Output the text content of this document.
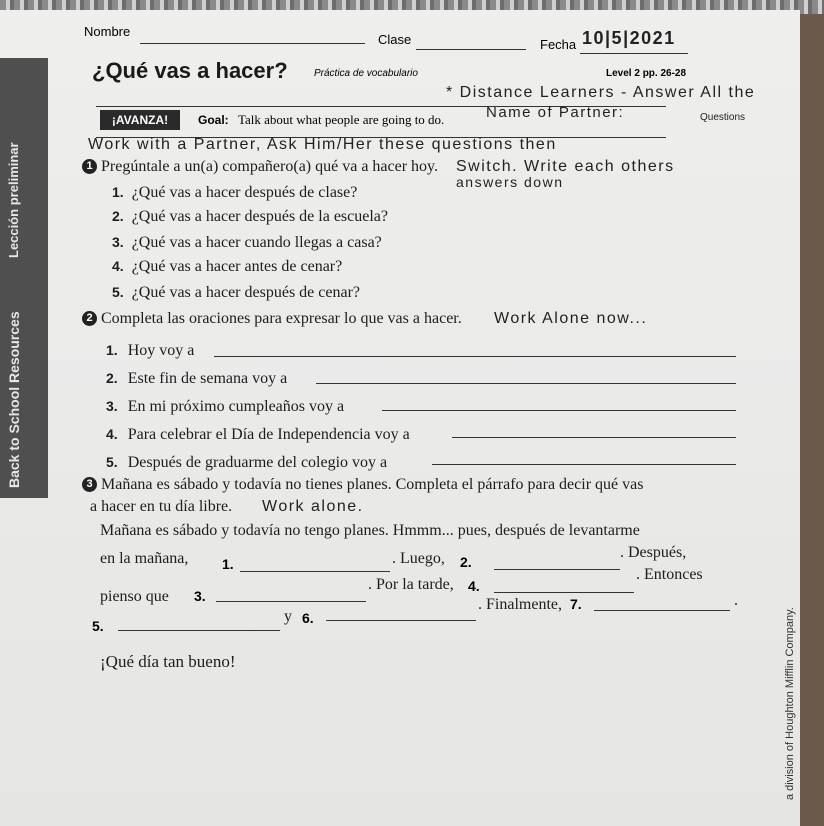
Lección preliminar
Back to School Resources
Nombre
Clase	Fecha 10|5|2021
¿Qué vas a hacer?	Práctica de vocabulario	Level 2 pp. 26-28
* Distance Learners - Answer All the
¡AVANZA!	Goal: Talk about what people are going to do.	Name of Partner:	Questions
Work with a Partner, Ask Him/Her these questions then
1 Pregúntale a un(a) compañero(a) qué va a hacer hoy. Switch. Write each others
answers down
1. ¿Qué vas a hacer después de clase?
2. ¿Qué vas a hacer después de la escuela?
3. ¿Qué vas a hacer cuando llegas a casa?
4. ¿Qué vas a hacer antes de cenar?
5. ¿Qué vas a hacer después de cenar?
2 Completa las oraciones para expresar lo que vas a hacer. Work Alone now...
1. Hoy voy a
2. Este fin de semana voy a
3. En mi próximo cumpleaños voy a
4. Para celebrar el Día de Independencia voy a
5. Después de graduarme del colegio voy a
3 Mañana es sábado y todavía no tienes planes. Completa el párrafo para decir qué vas
a hacer en tu día libre. Work alone.
Mañana es sábado y todavía no tengo planes. Hmmm... pues, después de levantarme
en la mañana, 1.	. Luego, 2.
. Después,
pienso que 3.
. Por la tarde, 4.
. Entonces
5.
y 6.
. Finalmente, 7.	.
¡Qué día tan bueno!	a division of Houghton Mifflin Company.
